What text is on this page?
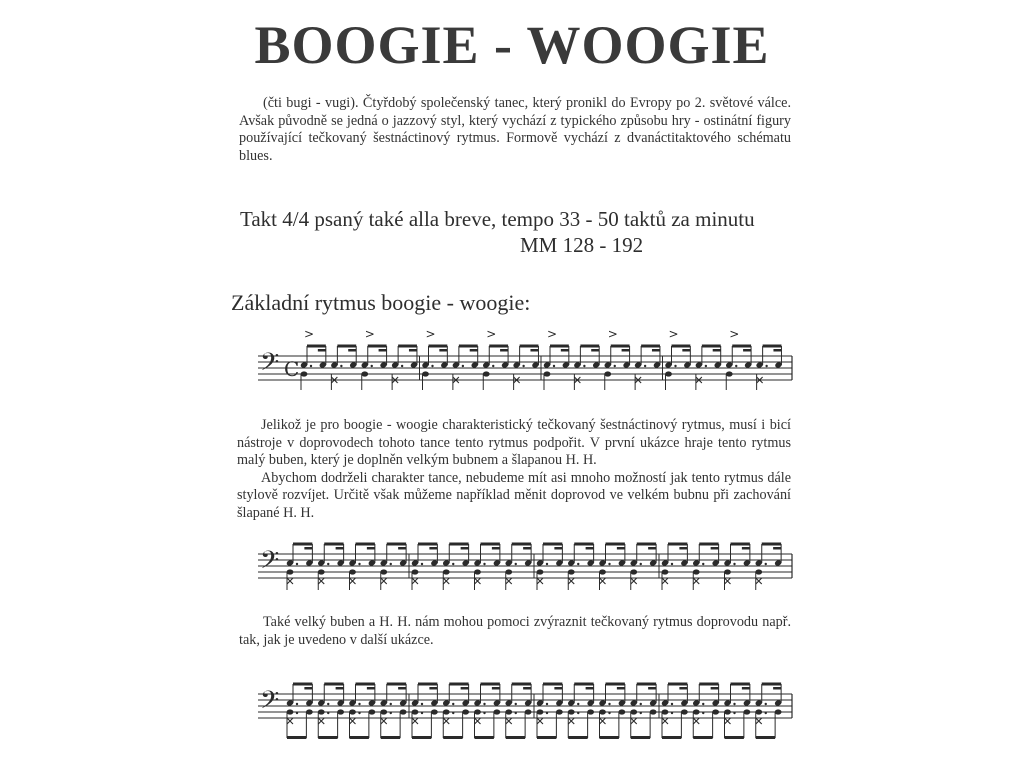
BOOGIE - WOOGIE

(čti bugi - vugi). Čtyřdobý společenský tanec, který pronikl do Evropy po 2. světové válce. Avšak původně se jedná o jazzový styl, který vychází z typického způsobu hry - ostinátní figury používající tečkovaný šestnáctinový rytmus. Formově vychází z dvanáctitaktového schématu blues.

Takt 4/4 psaný také alla breve, tempo 33 - 50 taktů za minutu
MM 128 - 192
Základní rytmus boogie - woogie:
𝄢 C
>	>	>	>	>	>	>	>

Jelikož je pro boogie - woogie charakteristický tečkovaný šestnáctinový rytmus, musí i bicí nástroje v doprovodech tohoto tance tento rytmus podpořit. V první ukázce hraje tento rytmus malý buben, který je doplněn velkým bubnem a šlapanou H. H.

Abychom dodrželi charakter tance, nebudeme mít asi mnoho možností jak tento rytmus dále stylově rozvíjet. Určitě však můžeme například měnit doprovod ve velkém bubnu při zachování šlapané H. H.

𝄢

Také velký buben a H. H. nám mohou pomoci zvýraznit tečkovaný rytmus doprovodu např. tak, jak je uvedeno v další ukázce.

𝄢
